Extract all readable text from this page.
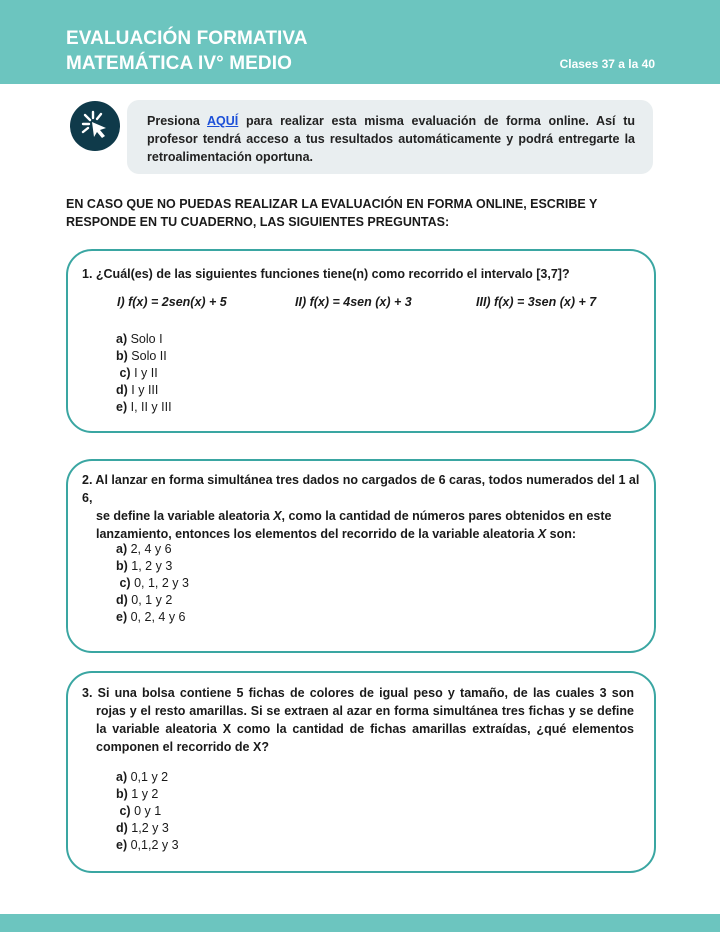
EVALUACIÓN FORMATIVA
MATEMÁTICA IV° MEDIO	Clases 37 a la 40
Presiona AQUÍ para realizar esta misma evaluación de forma online. Así tu profesor tendrá acceso a tus resultados automáticamente y podrá entregarte la retroalimentación oportuna.
EN CASO QUE NO PUEDAS REALIZAR LA EVALUACIÓN EN FORMA ONLINE, ESCRIBE Y RESPONDE EN TU CUADERNO, LAS SIGUIENTES PREGUNTAS:
1. ¿Cuál(es) de las siguientes funciones tiene(n) como recorrido el intervalo [3,7]?
I) f(x) = 2sen(x) + 5	II) f(x) = 4sen (x) + 3	III) f(x) = 3sen (x) + 7
a) Solo I
b) Solo II
c) I y II
d) I y III
e) I, II y III
2. Al lanzar en forma simultánea tres dados no cargados de 6 caras, todos numerados del 1 al 6,
se define la variable aleatoria X, como la cantidad de números pares obtenidos en este
lanzamiento, entonces los elementos del recorrido de la variable aleatoria X son:
a) 2, 4 y 6
b) 1, 2 y 3
c) 0, 1, 2 y 3
d) 0, 1 y 2
e) 0, 2, 4 y 6
3. Si una bolsa contiene 5 fichas de colores de igual peso y tamaño, de las cuales 3 son rojas y el resto amarillas. Si se extraen al azar en forma simultánea tres fichas y se define la variable aleatoria X como la cantidad de fichas amarillas extraídas, ¿qué elementos componen el recorrido de X?
a) 0,1 y 2
b) 1 y 2
c) 0 y 1
d) 1,2 y 3
e) 0,1,2 y 3
